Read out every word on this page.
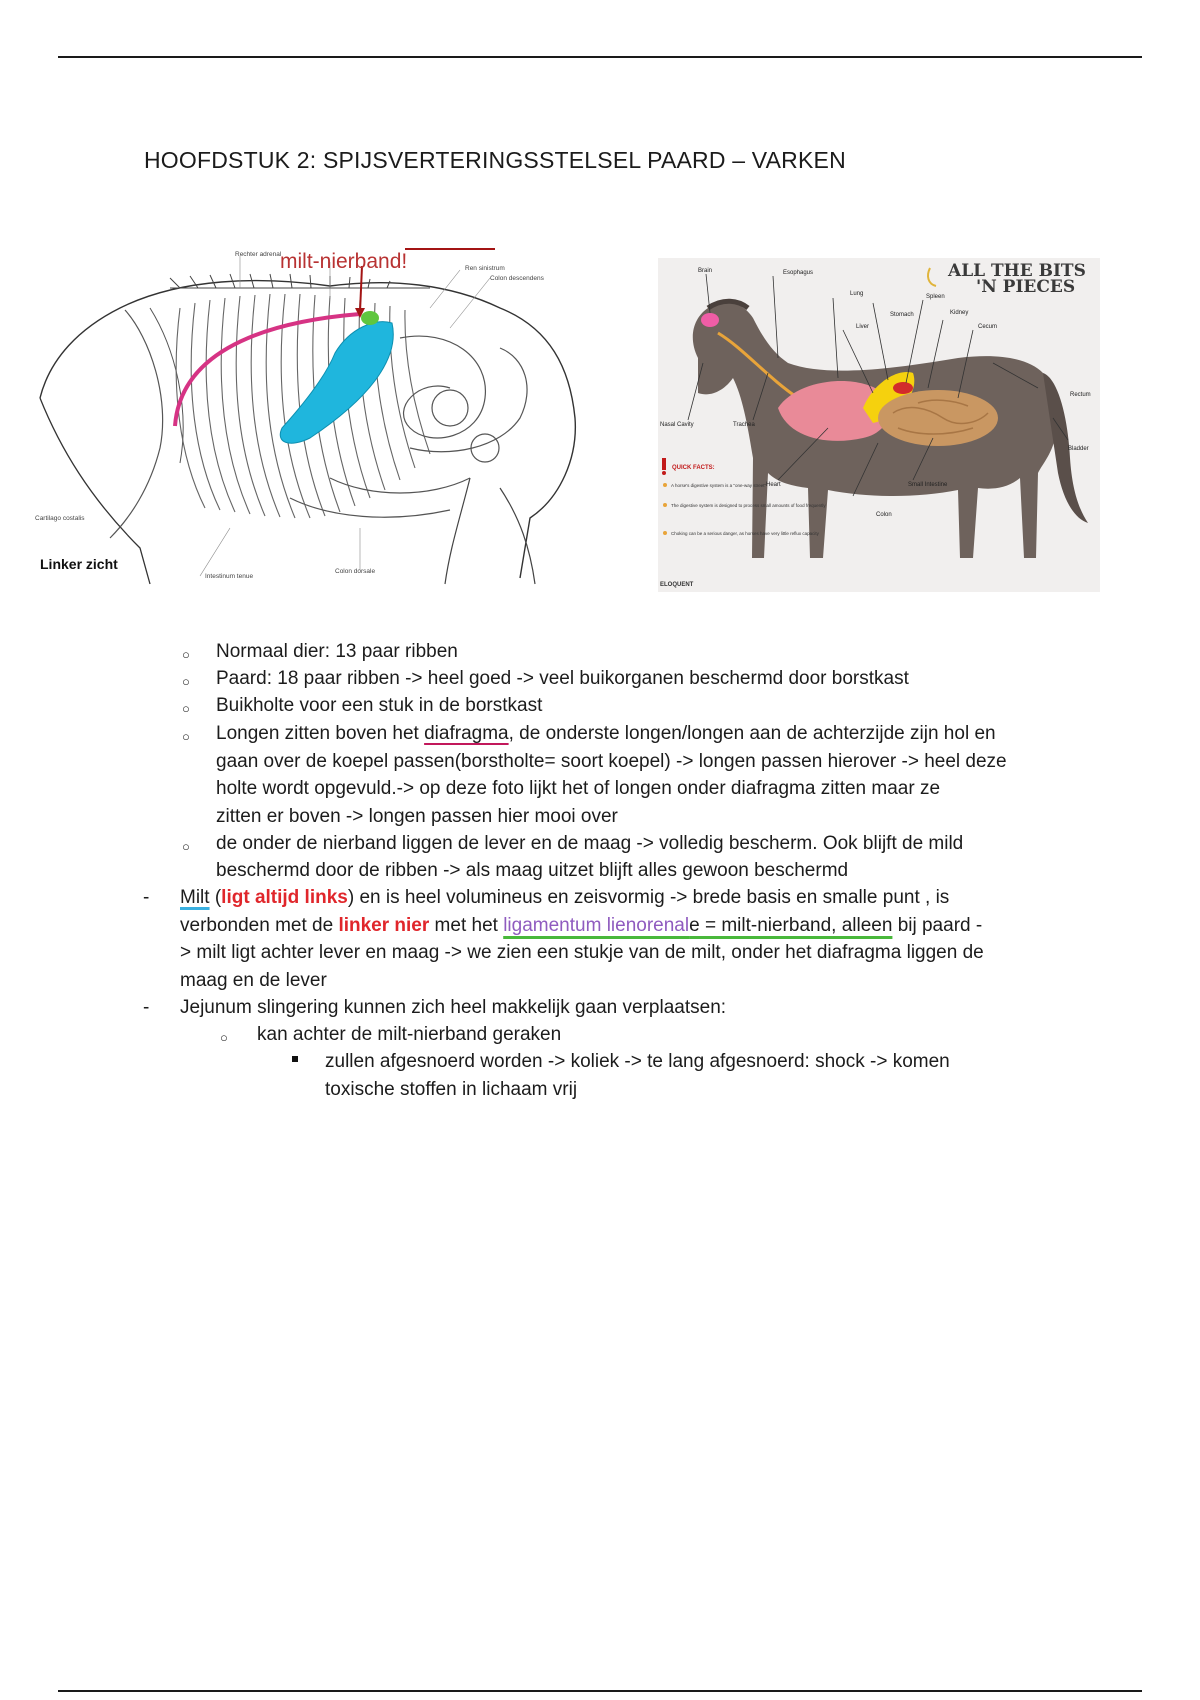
HOOFDSTUK 2: SPIJSVERTERINGSSTELSEL PAARD – VARKEN
Rechter adrenal
Ren sinistrum
Colon descendens
Intestinum tenue
Colon dorsale
Cartilago costalis
milt-nierband!
Linker zicht
Brain	Esophagus
Lung	Spleen
Stomach	Kidney
Cecum
Liver
Rectum
Nasal Cavity	Trachea
Heart	Small Intestine
Colon
Bladder
QUICK FACTS:
A horse's digestive system is a "one-way street"
The digestive system is designed to process small amounts of food frequently
Choking can be a serious danger, as horses have very little reflux capacity
ELOQUENT
ALL THE BITS
'N PIECES
○ Normaal dier: 13 paar ribben
○ Paard: 18 paar ribben -> heel goed -> veel buikorganen beschermd door borstkast
○ Buikholte voor een stuk in de borstkast
○ Longen zitten boven het diafragma, de onderste longen/longen aan de achterzijde zijn hol en
gaan over de koepel passen(borstholte= soort koepel) -> longen passen hierover -> heel deze
holte wordt opgevuld.-> op deze foto lijkt het of longen onder diafragma zitten maar ze
zitten er boven -> longen passen hier mooi over
○ de onder de nierband liggen de lever en de maag -> volledig bescherm. Ook blijft de mild
beschermd door de ribben -> als maag uitzet blijft alles gewoon beschermd
- Milt (ligt altijd links) en is heel volumineus en zeisvormig -> brede basis en smalle punt , is
verbonden met de linker nier met het ligamentum lienorenale = milt-nierband, alleen bij paard -
> milt ligt achter lever en maag -> we zien een stukje van de milt, onder het diafragma liggen de
maag en de lever
- Jejunum slingering kunnen zich heel makkelijk gaan verplaatsen:
○ kan achter de milt-nierband geraken
zullen afgesnoerd worden -> koliek -> te lang afgesnoerd: shock -> komen
toxische stoffen in lichaam vrij
